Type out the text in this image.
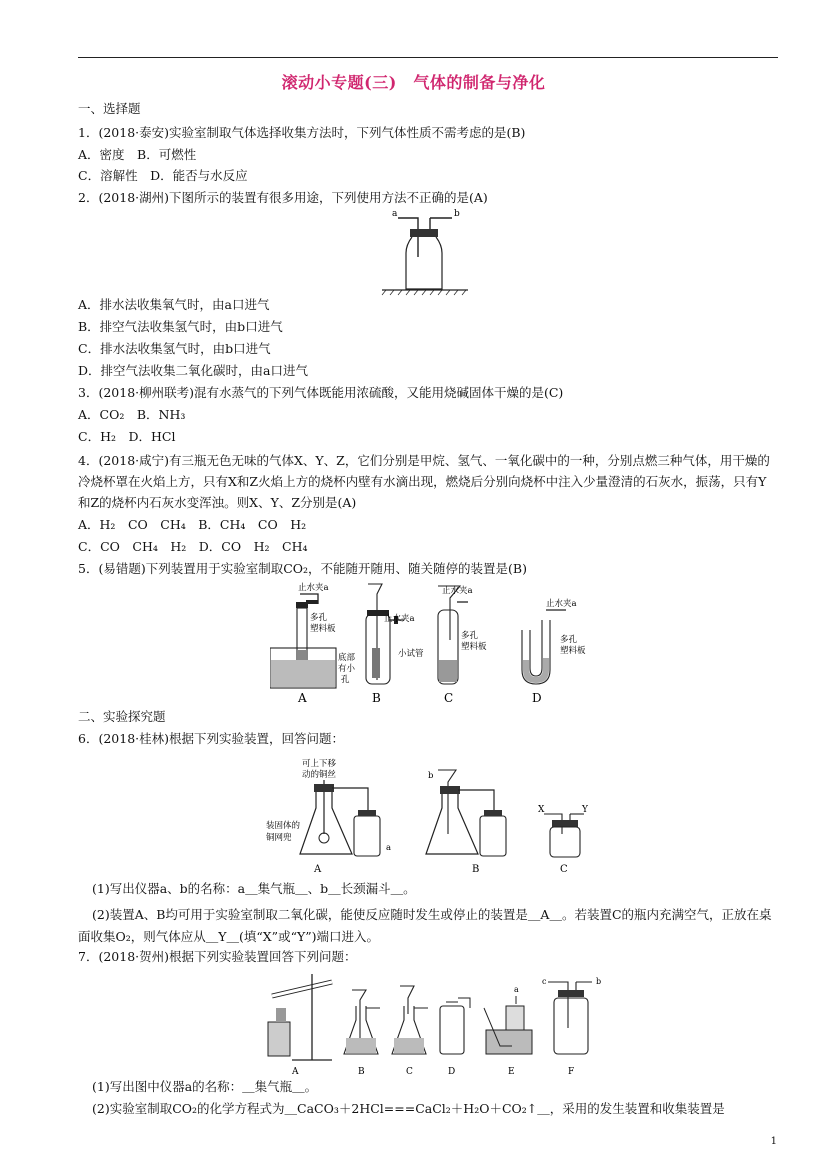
滚动小专题(三)　气体的制备与净化
一、选择题
1．(2018·泰安)实验室制取气体选择收集方法时，下列气体性质不需考虑的是(B)
A．密度　B．可燃性
C．溶解性　D．能否与水反应
2．(2018·湖州)下图所示的装置有很多用途，下列使用方法不正确的是(A)
a	b
A．排水法收集氧气时，由a口进气
B．排空气法收集氢气时，由b口进气
C．排水法收集氢气时，由b口进气
D．排空气法收集二氧化碳时，由a口进气
3．(2018·柳州联考)混有水蒸气的下列气体既能用浓硫酸，又能用烧碱固体干燥的是(C)
A．CO₂　B．NH₃
C．H₂　D．HCl
4．(2018·咸宁)有三瓶无色无味的气体X、Y、Z，它们分别是甲烷、氢气、一氧化碳中的一种，分别点燃三种气体，用干燥的冷烧杯罩在火焰上方，只有X和Z火焰上方的烧杯内壁有水滴出现，燃烧后分别向烧杯中注入少量澄清的石灰水，振荡，只有Y和Z的烧杯内石灰水变浑浊。则X、Y、Z分别是(A)
A．H₂　CO　CH₄　B．CH₄　CO　H₂
C．CO　CH₄　H₂　D．CO　H₂　CH₄
5．(易错题)下列装置用于实验室制取CO₂，不能随开随用、随关随停的装置是(B)
止水夹a
多孔
塑料板
底部
有小
孔
A
止水夹a
小试管
B
止水夹a
多孔
塑料板
C
止水夹a
多孔
塑料板
D
二、实验探究题
6．(2018·桂林)根据下列实验装置，回答问题：
可上下移
动的铜丝
装固体的
铜网兜
a
A
b
B
X	Y
C
(1)写出仪器a、b的名称：a＿集气瓶＿、b＿长颈漏斗＿。
(2)装置A、B均可用于实验室制取二氧化碳，能使反应随时发生或停止的装置是＿A＿。若装置C的瓶内充满空气，正放在桌面收集O₂，则气体应从＿Y＿(填“X”或“Y”)端口进入。
7．(2018·贺州)根据下列实验装置回答下列问题：
A	B	C	D
a
E
c	b
F
(1)写出图中仪器a的名称：＿集气瓶＿。
(2)实验室制取CO₂的化学方程式为＿CaCO₃＋2HCl===CaCl₂＋H₂O＋CO₂↑＿，采用的发生装置和收集装置是
1
